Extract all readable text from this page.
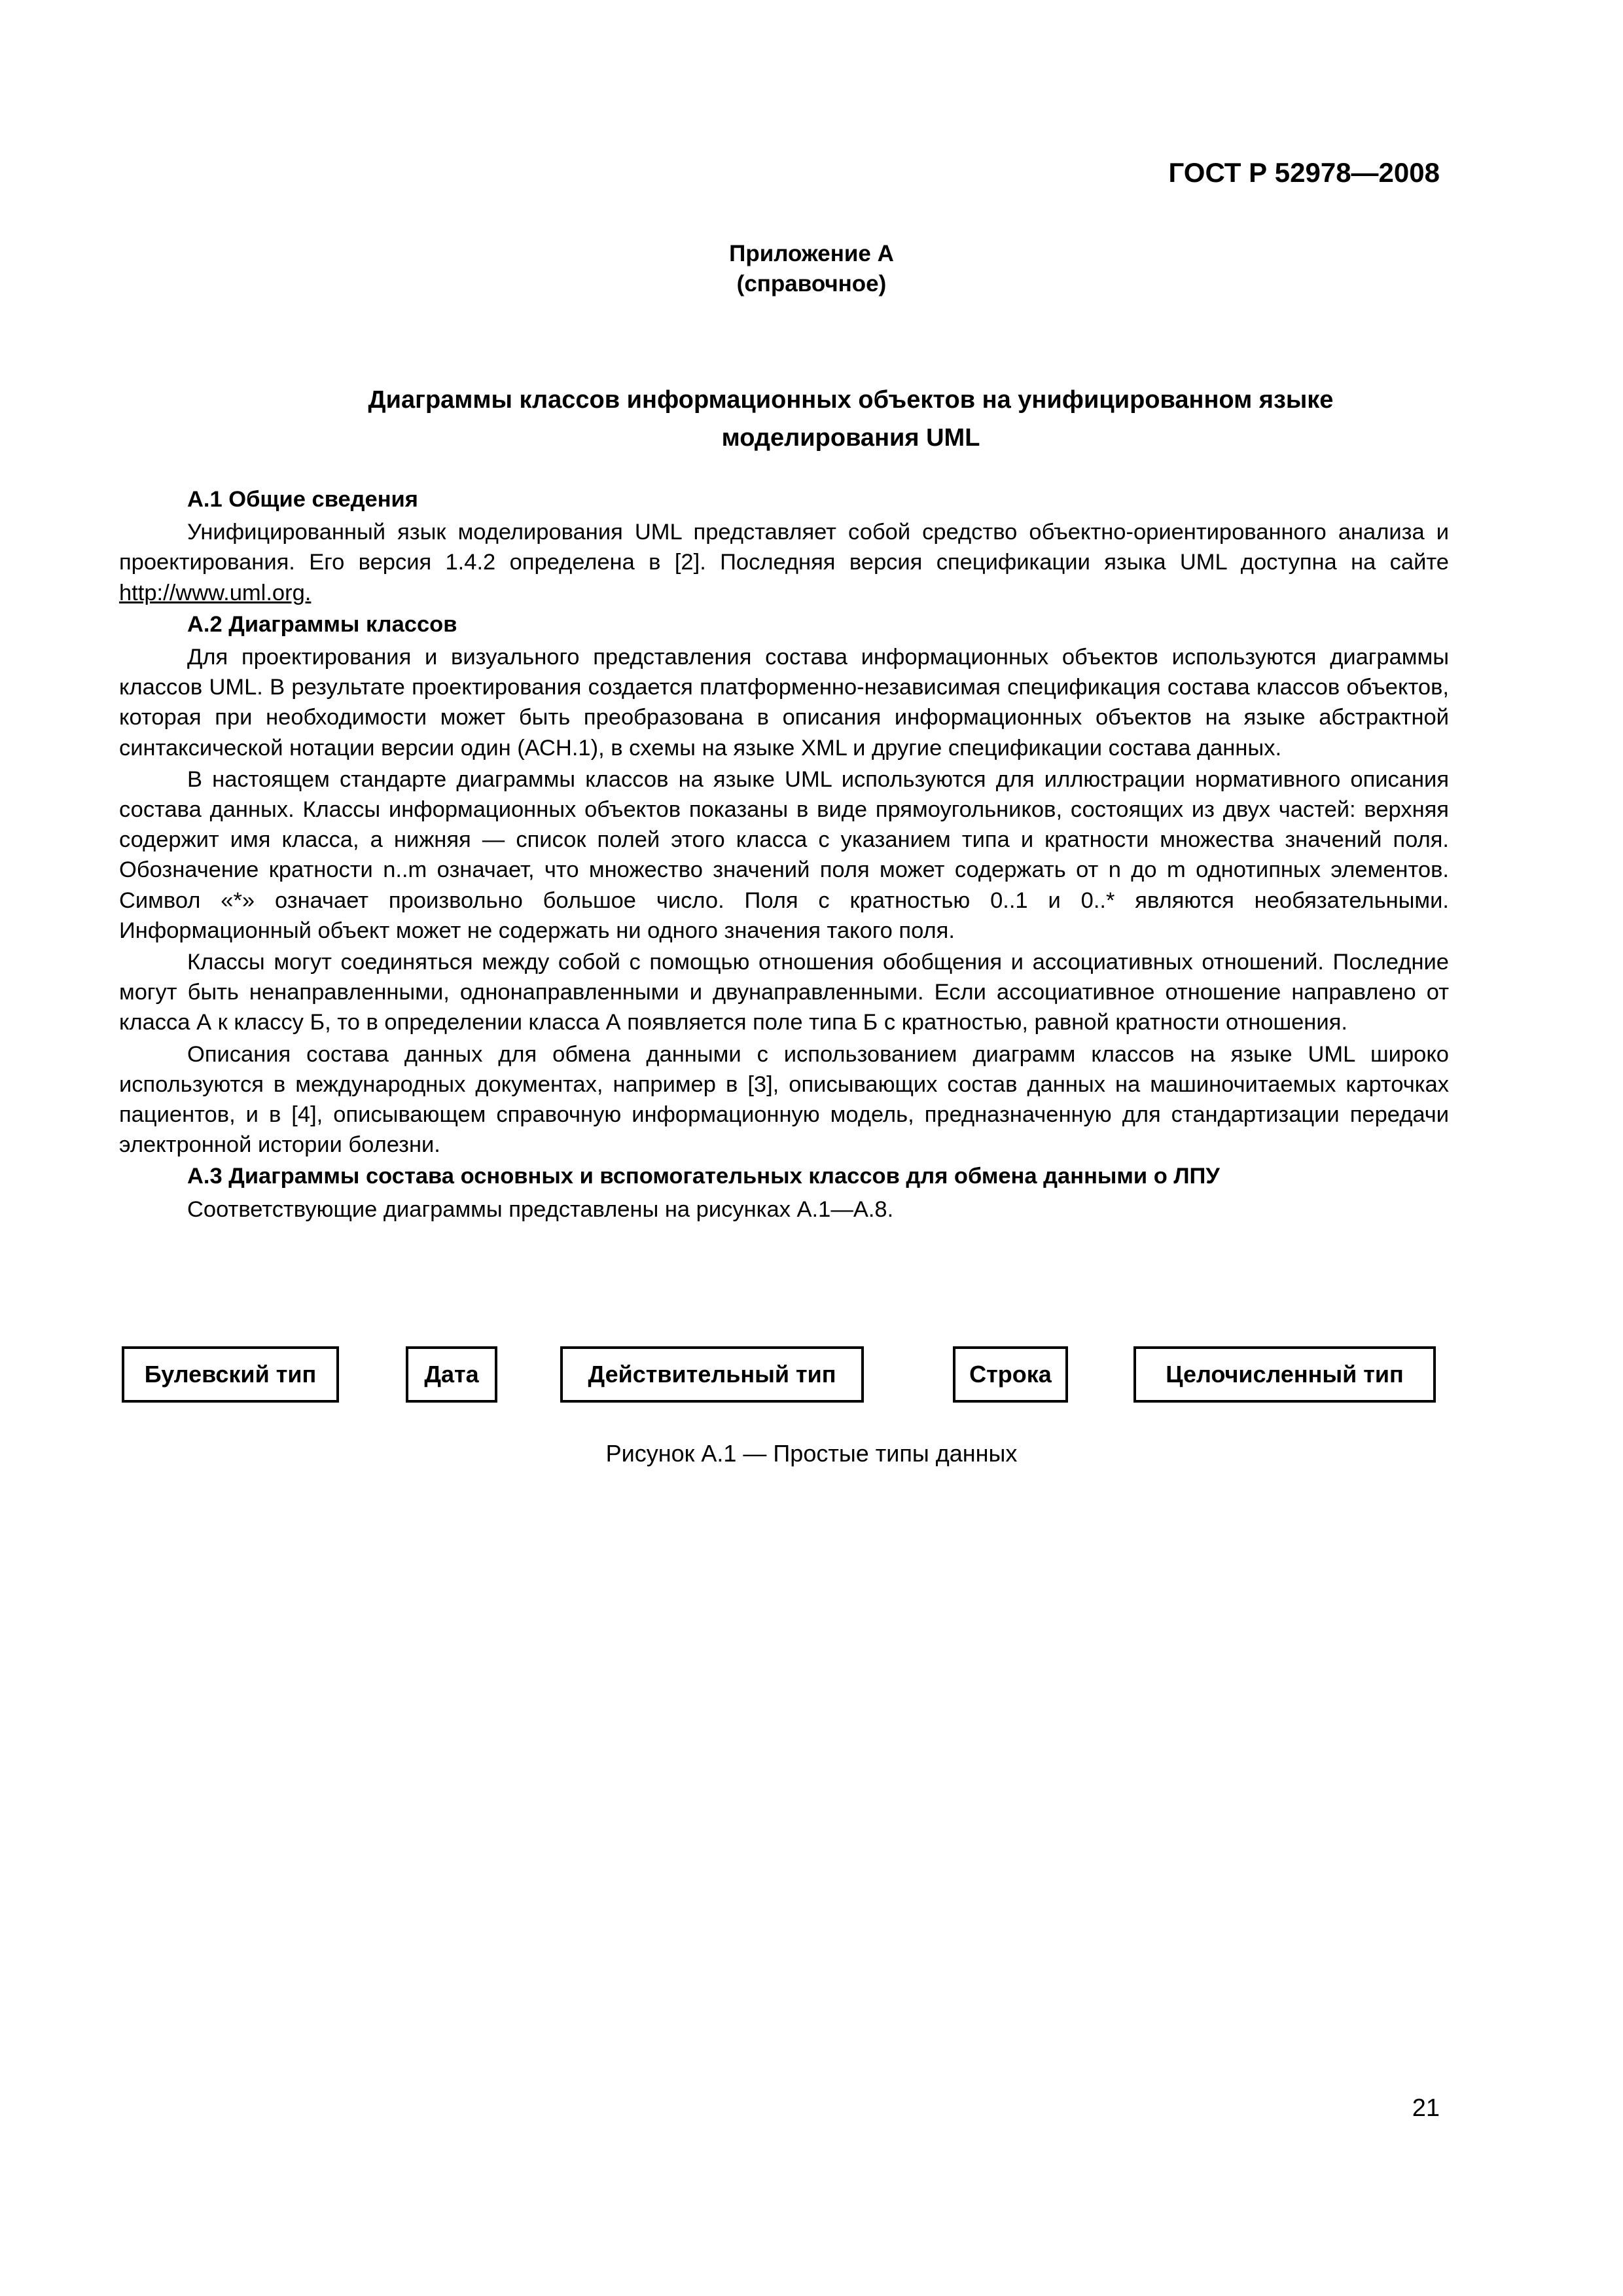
ГОСТ Р 52978—2008
Приложение А
(справочное)
Диаграммы классов информационных объектов на унифицированном языке
моделирования UML
А.1 Общие сведения

Унифицированный язык моделирования UML представляет собой средство объектно-ориентированного анализа и проектирования. Его версия 1.4.2 определена в [2]. Последняя версия спецификации языка UML доступна на сайте http://www.uml.org.

А.2 Диаграммы классов

Для проектирования и визуального представления состава информационных объектов используются диаграммы классов UML. В результате проектирования создается платформенно-независимая спецификация состава классов объектов, которая при необходимости может быть преобразована в описания информационных объектов на языке абстрактной синтаксической нотации версии один (АСН.1), в схемы на языке XML и другие спецификации состава данных.

В настоящем стандарте диаграммы классов на языке UML используются для иллюстрации нормативного описания состава данных. Классы информационных объектов показаны в виде прямоугольников, состоящих из двух частей: верхняя содержит имя класса, а нижняя — список полей этого класса с указанием типа и кратности множества значений поля. Обозначение кратности n..m означает, что множество значений поля может содержать от n до m однотипных элементов. Символ «*» означает произвольно большое число. Поля с кратностью 0..1 и 0..* являются необязательными. Информационный объект может не содержать ни одного значения такого поля.

Классы могут соединяться между собой с помощью отношения обобщения и ассоциативных отношений. Последние могут быть ненаправленными, однонаправленными и двунаправленными. Если ассоциативное отношение направлено от класса А к классу Б, то в определении класса А появляется поле типа Б с кратностью, равной кратности отношения.

Описания состава данных для обмена данными с использованием диаграмм классов на языке UML широко используются в международных документах, например в [3], описывающих состав данных на машиночитаемых карточках пациентов, и в [4], описывающем справочную информационную модель, предназначенную для стандартизации передачи электронной истории болезни.

А.3 Диаграммы состава основных и вспомогательных классов для обмена данными о ЛПУ

Соответствующие диаграммы представлены на рисунках А.1—А.8.

Булевский тип	Дата	Действительный тип	Строка	Целочисленный тип
Рисунок А.1 — Простые типы данных
21
